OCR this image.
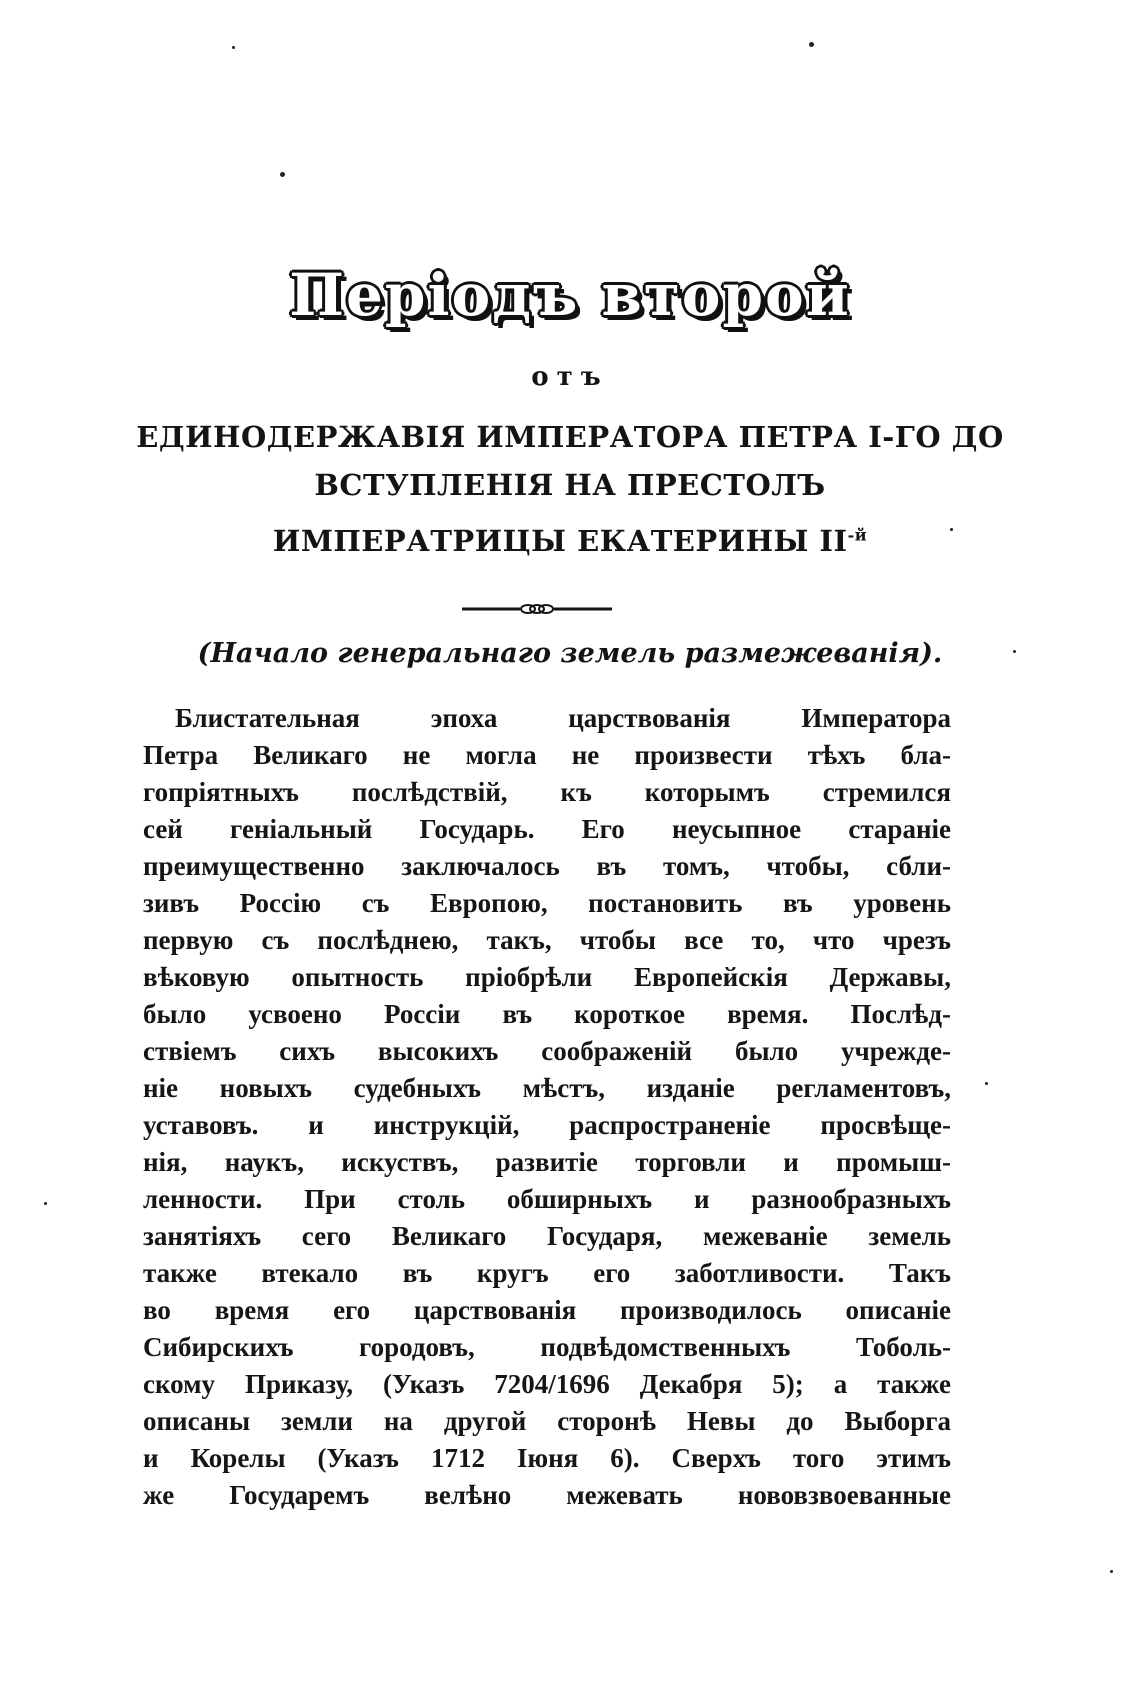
Періодъ второй
отъ
ЕДИНОДЕРЖАВІЯ ИМПЕРАТОРА ПЕТРА І-ГО ДО
ВСТУПЛЕНІЯ НА ПРЕСТОЛЪ
ИМПЕРАТРИЦЫ ЕКАТЕРИНЫ $ІІ^{-й}$
(Начало генеральнаго земель размежеванія).
Блистательная эпоха царствованія Императора
Петра Великаго не могла не произвести тѣхъ бла-
гопріятныхъ послѣдствій, къ которымъ стремился
сей геніальный Государь. Его неусыпное стараніе
преимущественно заключалось въ томъ, чтобы, сбли-
зивъ Россію съ Европою, постановить въ уровень
первую съ послѣднею, такъ, чтобы все то, что чрезъ
вѣковую опытность пріобрѣли Европейскія Державы,
было усвоено Россіи въ короткое время. Послѣд-
ствіемъ сихъ высокихъ соображеній было учрежде-
ніе новыхъ судебныхъ мѣстъ, изданіе регламентовъ,
уставовъ. и инструкцій, распространеніе просвѣще-
нія, наукъ, искуствъ, развитіе торговли и промыш-
ленности. При столь обширныхъ и разнообразныхъ
занятіяхъ сего Великаго Государя, межеваніе земель
также втекало въ кругъ его заботливости. Такъ
во время его царствованія производилось описаніе
Сибирскихъ городовъ, подвѣдомственныхъ Тоболь-
скому Приказу, (Указъ 7204/1696 Декабря 5); а также
описаны земли на другой сторонѣ Невы до Выборга
и Корелы (Указъ 1712 Іюня 6). Сверхъ того этимъ
же Государемъ велѣно межевать нововзвоеванные
